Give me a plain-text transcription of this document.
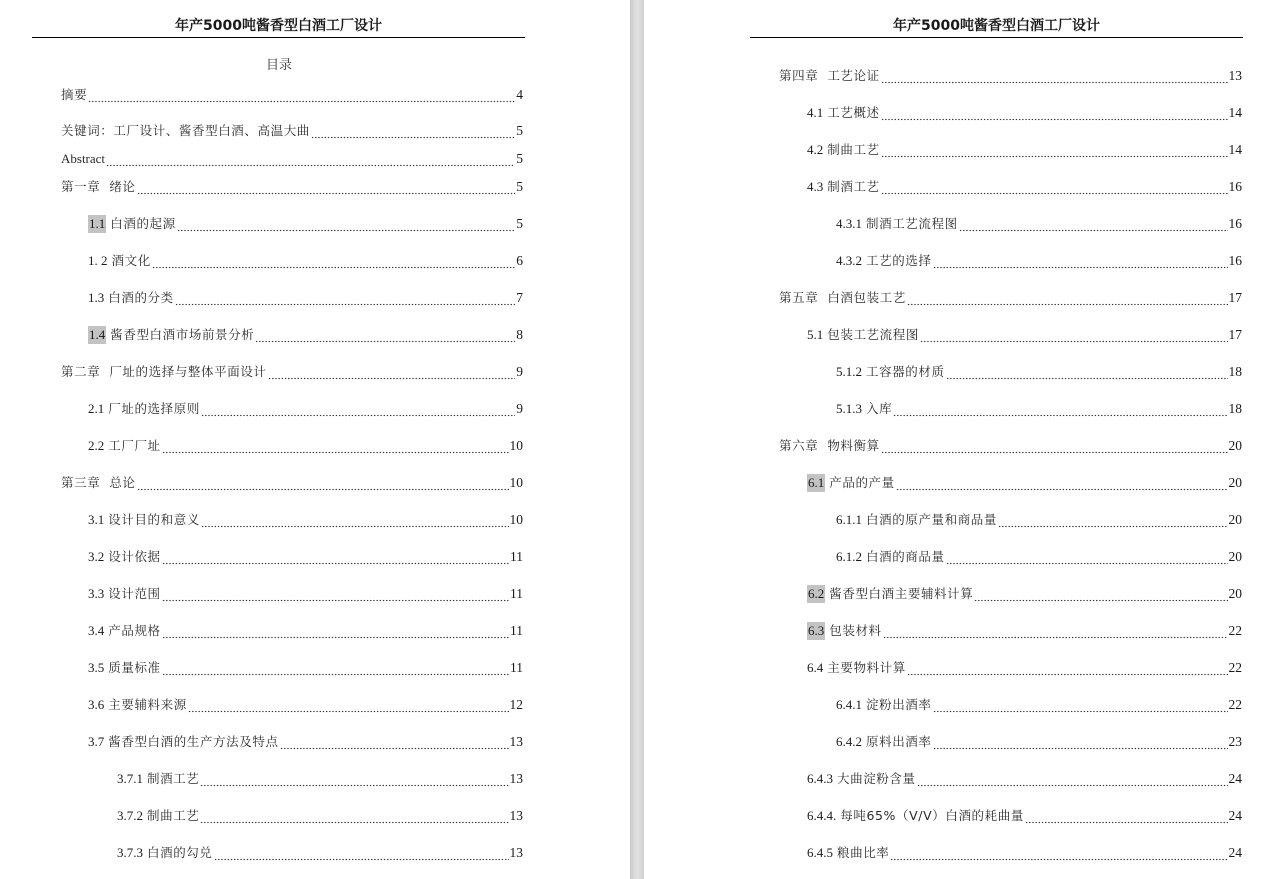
年产5000吨酱香型白酒工厂设计
目录
摘要	4
关键词：工厂设计、酱香型白酒、高温大曲	5
Abstract	5
第一章 绪论	5
1.1 白酒的起源	5
1. 2 酒文化	6
1.3 白酒的分类	7
1.4 酱香型白酒市场前景分析	8
第二章 厂址的选择与整体平面设计	9
2.1 厂址的选择原则	9
2.2 工厂厂址	10
第三章 总论	10
3.1 设计目的和意义	10
3.2 设计依据	11
3.3 设计范围	11
3.4 产品规格	11
3.5 质量标准	11
3.6 主要辅料来源	12
3.7 酱香型白酒的生产方法及特点	13
3.7.1 制酒工艺	13
3.7.2 制曲工艺	13
3.7.3 白酒的勾兑	13
年产5000吨酱香型白酒工厂设计
第四章 工艺论证	13
4.1 工艺概述	14
4.2 制曲工艺	14
4.3 制酒工艺	16
4.3.1 制酒工艺流程图	16
4.3.2 工艺的选择	16
第五章 白酒包装工艺	17
5.1 包装工艺流程图	17
5.1.2 工容器的材质	18
5.1.3 入库	18
第六章 物料衡算	20
6.1 产品的产量	20
6.1.1 白酒的原产量和商品量	20
6.1.2 白酒的商品量	20
6.2 酱香型白酒主要辅料计算	20
6.3 包装材料	22
6.4 主要物料计算	22
6.4.1 淀粉出酒率	22
6.4.2 原料出酒率	23
6.4.3 大曲淀粉含量	24
6.4.4. 每吨65%（V/V）白酒的耗曲量	24
6.4.5 粮曲比率	24
